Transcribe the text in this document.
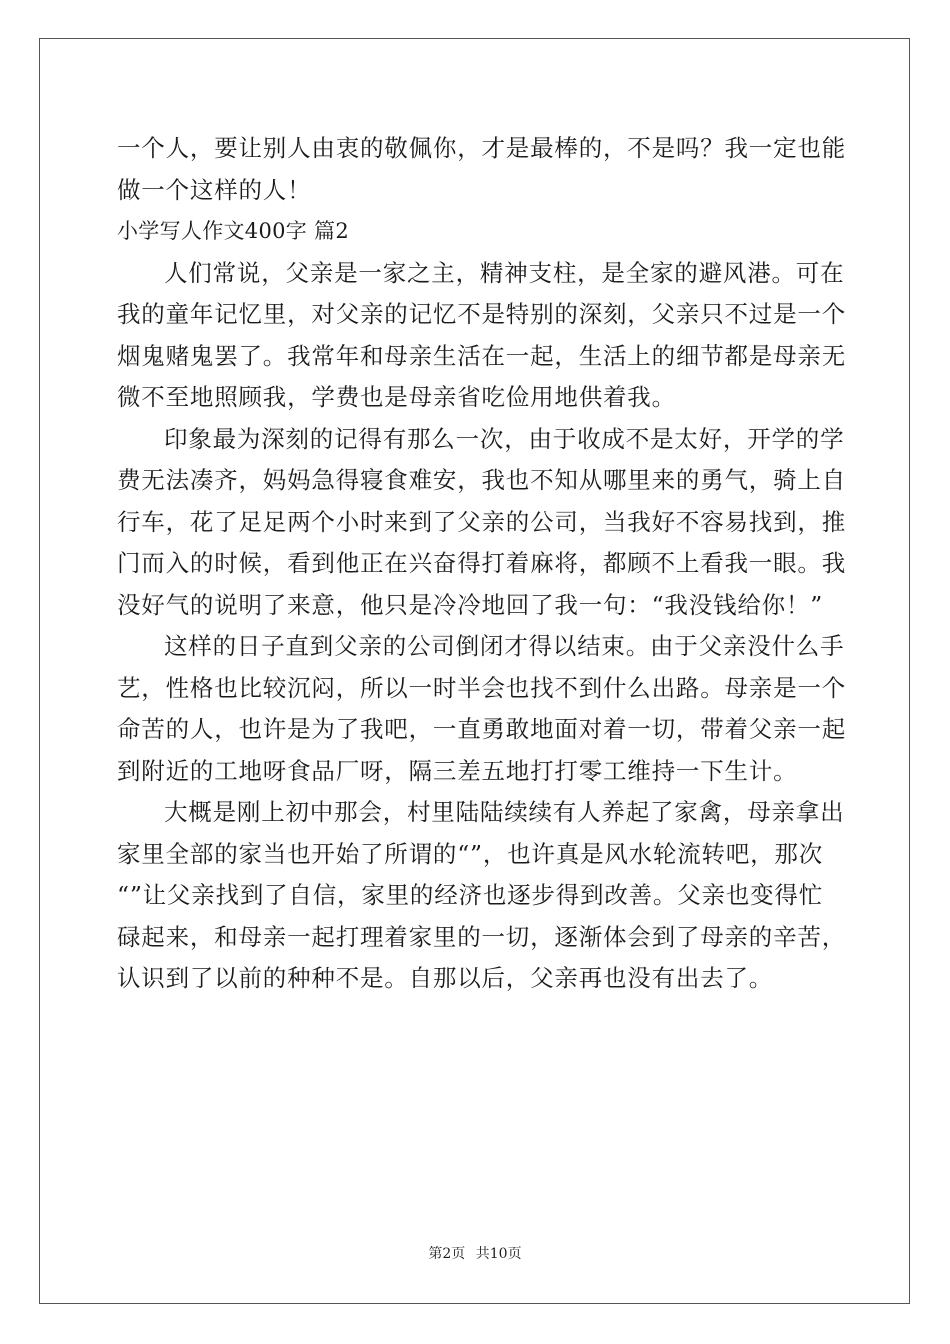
一个人，要让别人由衷的敬佩你，才是最棒的，不是吗？我一定也能
做一个这样的人！
小学写人作文400字 篇2
人们常说，父亲是一家之主，精神支柱，是全家的避风港。可在
我的童年记忆里，对父亲的记忆不是特别的深刻，父亲只不过是一个
烟鬼赌鬼罢了。我常年和母亲生活在一起，生活上的细节都是母亲无
微不至地照顾我，学费也是母亲省吃俭用地供着我。
印象最为深刻的记得有那么一次，由于收成不是太好，开学的学
费无法凑齐，妈妈急得寝食难安，我也不知从哪里来的勇气，骑上自
行车，花了足足两个小时来到了父亲的公司，当我好不容易找到，推
门而入的时候，看到他正在兴奋得打着麻将，都顾不上看我一眼。我
没好气的说明了来意，他只是冷冷地回了我一句：“我没钱给你！”
这样的日子直到父亲的公司倒闭才得以结束。由于父亲没什么手
艺，性格也比较沉闷，所以一时半会也找不到什么出路。母亲是一个
命苦的人，也许是为了我吧，一直勇敢地面对着一切，带着父亲一起
到附近的工地呀食品厂呀，隔三差五地打打零工维持一下生计。
大概是刚上初中那会，村里陆陆续续有人养起了家禽，母亲拿出
家里全部的家当也开始了所谓的“”，也许真是风水轮流转吧，那次
“”让父亲找到了自信，家里的经济也逐步得到改善。父亲也变得忙
碌起来，和母亲一起打理着家里的一切，逐渐体会到了母亲的辛苦，
认识到了以前的种种不是。自那以后，父亲再也没有出去了。
第2页 共10页
